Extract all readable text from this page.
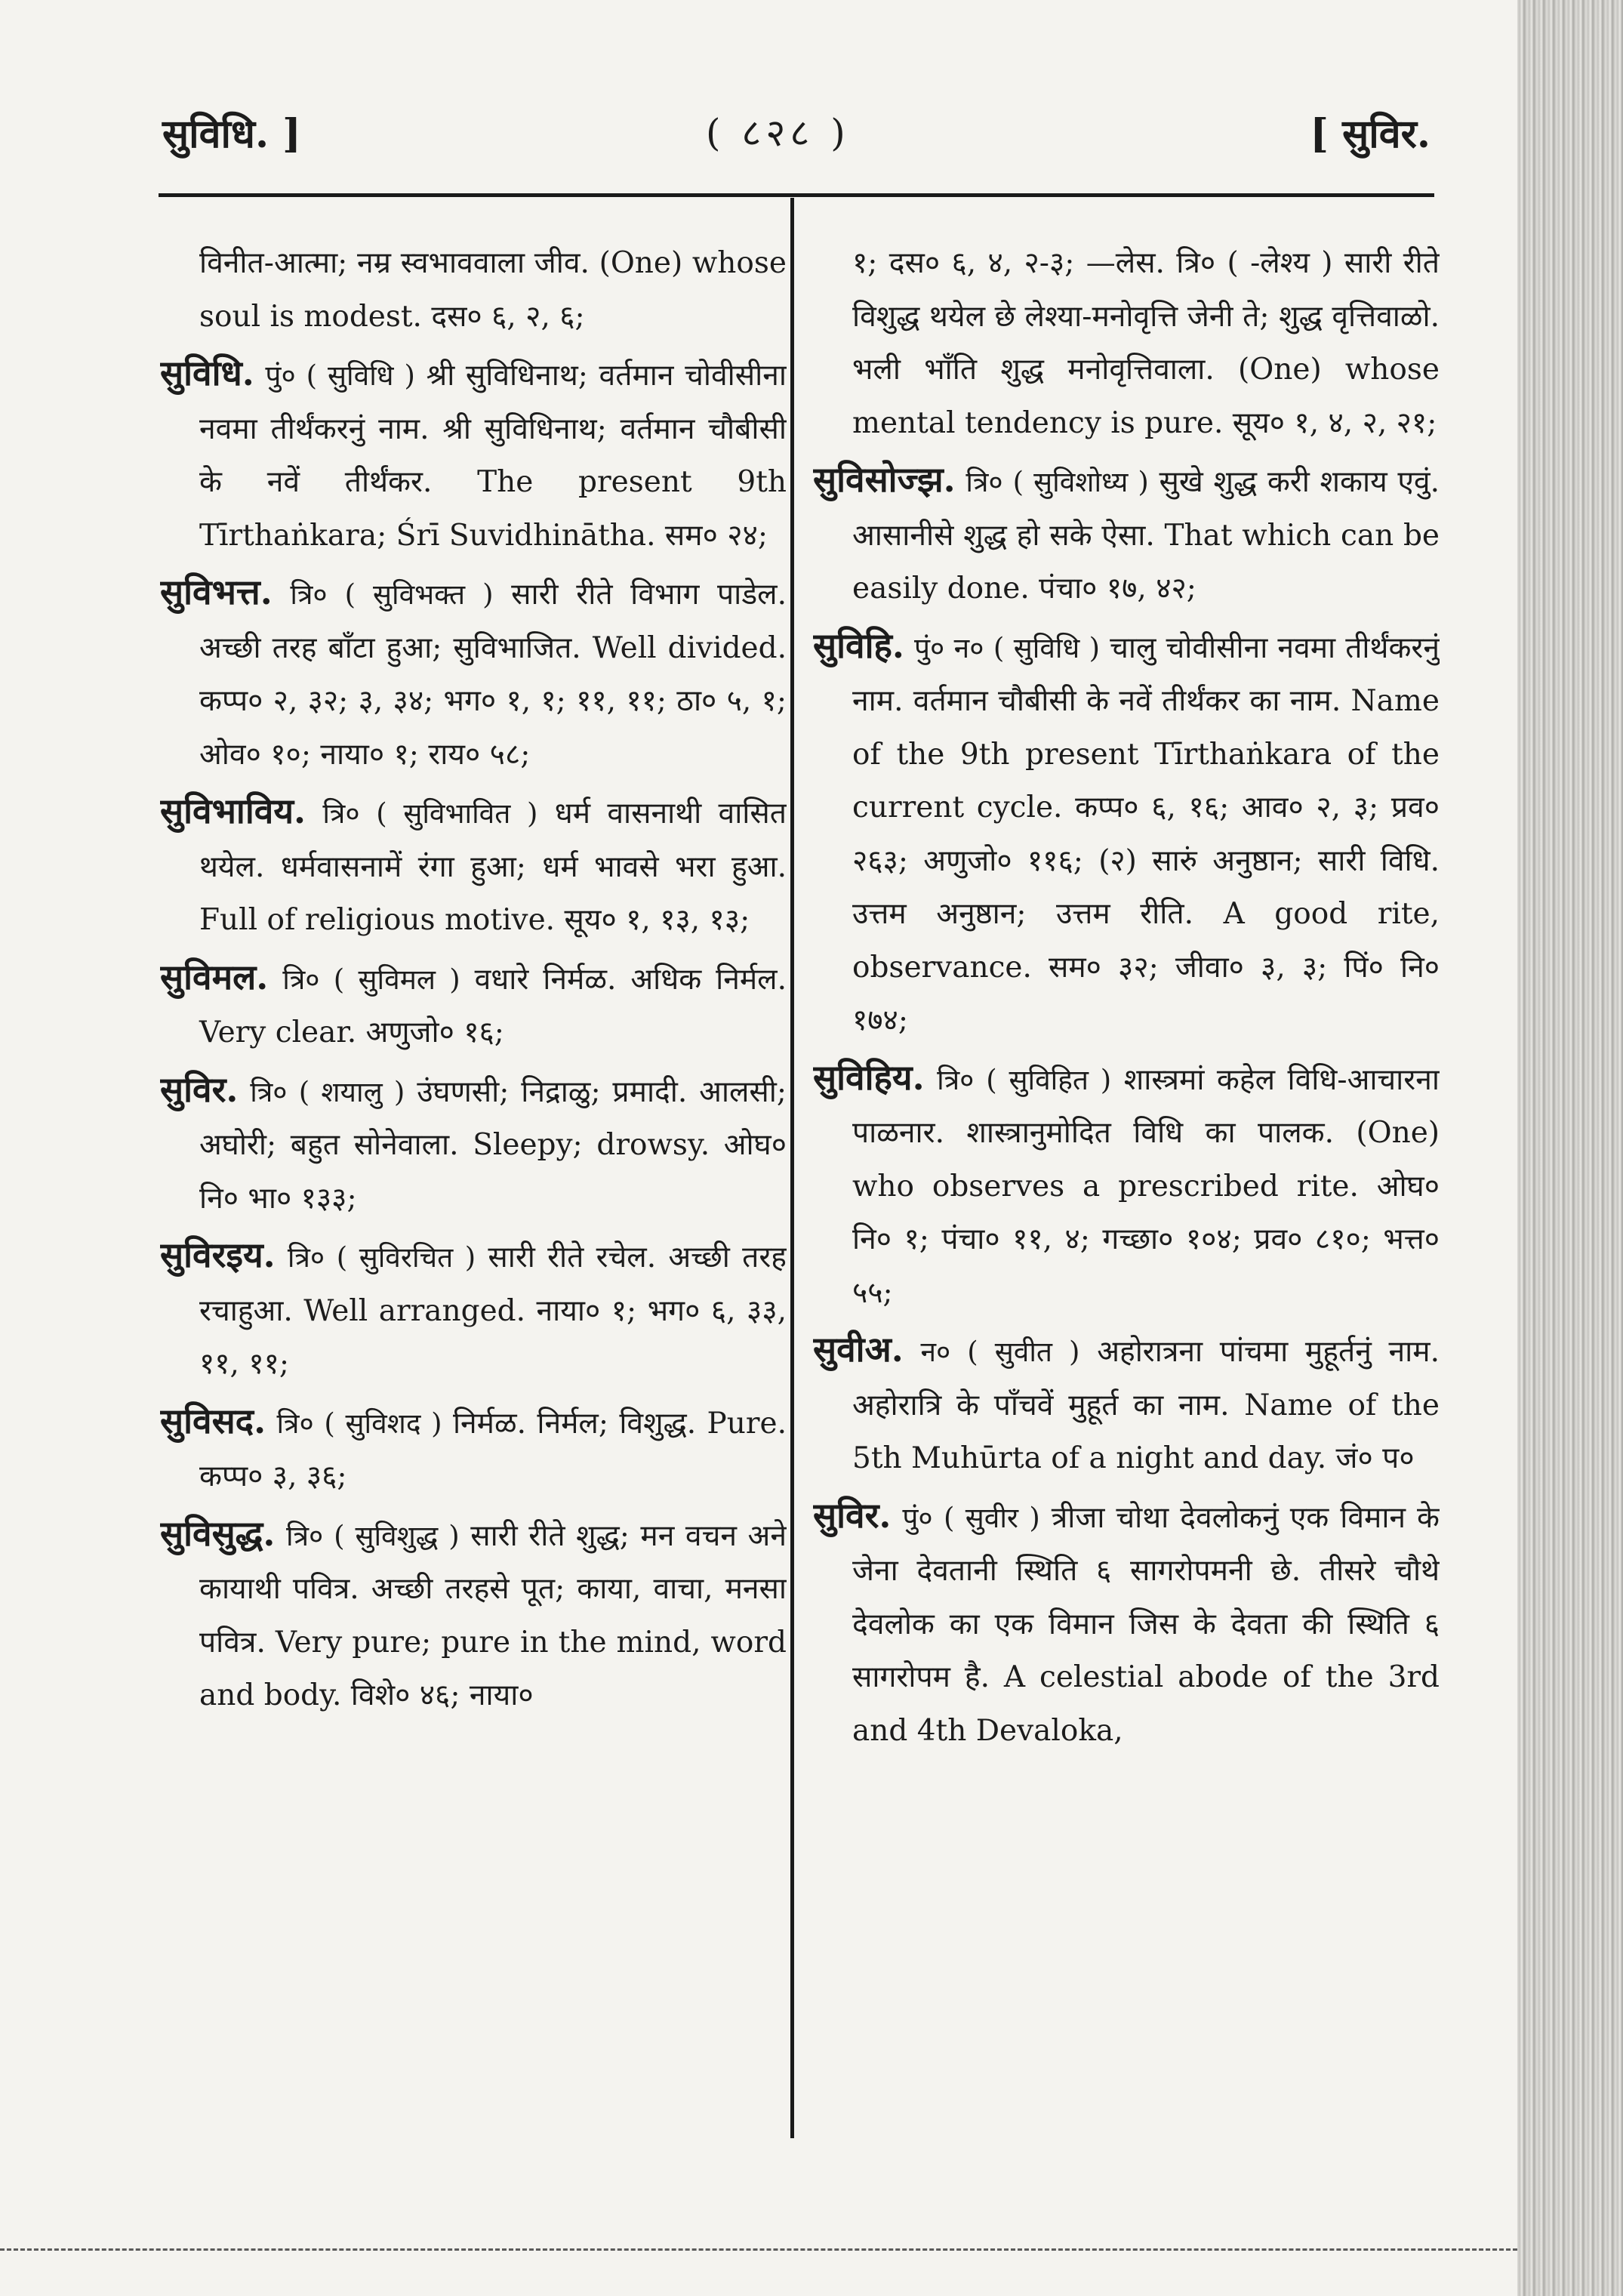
सुविधि. ]	( ८२८ )	[ सुविर.

विनीत-आत्मा; नम्र स्वभाववाला जीव. (One) whose soul is modest. दस० ६, २, ६;

सुविधि. पुं० ( सुविधि ) श्री सुविधिनाथ; वर्तमान चोवीसीना नवमा तीर्थंकरनुं नाम. श्री सुविधिनाथ; वर्तमान चौबीसी के नवें तीर्थंकर. The present 9th Tīrthaṅkara; Śrī Suvidhinātha. सम० २४;

सुविभत्त. त्रि० ( सुविभक्त ) सारी रीते विभाग पाडेल. अच्छी तरह बाँटा हुआ; सुविभाजित. Well divided. कप्प० २, ३२; ३, ३४; भग० १, १; ११, ११; ठा० ५, १; ओव० १०; नाया० १; राय० ५८;

सुविभाविय. त्रि० ( सुविभावित ) धर्म वासनाथी वासित थयेल. धर्मवासनामें रंगा हुआ; धर्म भावसे भरा हुआ. Full of religious motive. सूय० १, १३, १३;

सुविमल. त्रि० ( सुविमल ) वधारे निर्मळ. अधिक निर्मल. Very clear. अणुजो० १६;

सुविर. त्रि० ( शयालु ) उंघणसी; निद्राळु; प्रमादी. आलसी; अघोरी; बहुत सोनेवाला. Sleepy; drowsy. ओघ० नि० भा० १३३;

सुविरइय. त्रि० ( सुविरचित ) सारी रीते रचेल. अच्छी तरह रचाहुआ. Well arranged. नाया० १; भग० ६, ३३, ११, ११;

सुविसद. त्रि० ( सुविशद ) निर्मळ. निर्मल; विशुद्ध. Pure. कप्प० ३, ३६;

सुविसुद्ध. त्रि० ( सुविशुद्ध ) सारी रीते शुद्ध; मन वचन अने कायाथी पवित्र. अच्छी तरहसे पूत; काया, वाचा, मनसा पवित्र. Very pure; pure in the mind, word and body. विशे० ४६; नाया०

१; दस० ६, ४, २-३; —लेस. त्रि० ( -लेश्य ) सारी रीते विशुद्ध थयेल छे लेश्या-मनोवृत्ति जेनी ते; शुद्ध वृत्तिवाळो. भली भाँति शुद्ध मनोवृत्तिवाला. (One) whose mental tendency is pure. सूय० १, ४, २, २१;

सुविसोज्झ. त्रि० ( सुविशोध्य ) सुखे शुद्ध करी शकाय एवुं. आसानीसे शुद्ध हो सके ऐसा. That which can be easily done. पंचा० १७, ४२;

सुविहि. पुं० न० ( सुविधि ) चालु चोवीसीना नवमा तीर्थंकरनुं नाम. वर्तमान चौबीसी के नवें तीर्थंकर का नाम. Name of the 9th present Tīrthaṅkara of the current cycle. कप्प० ६, १६; आव० २, ३; प्रव० २६३; अणुजो० ११६; (२) सारुं अनुष्ठान; सारी विधि. उत्तम अनुष्ठान; उत्तम रीति. A good rite, observance. सम० ३२; जीवा० ३, ३; पिं० नि० १७४;

सुविहिय. त्रि० ( सुविहित ) शास्त्रमां कहेल विधि-आचारना पाळनार. शास्त्रानुमोदित विधि का पालक. (One) who observes a prescribed rite. ओघ० नि० १; पंचा० ११, ४; गच्छा० १०४; प्रव० ८१०; भत्त० ५५;

सुवीअ. न० ( सुवीत ) अहोरात्रना पांचमा मुहूर्तनुं नाम. अहोरात्रि के पाँचवें मुहूर्त का नाम. Name of the 5th Muhūrta of a night and day. जं० प०

सुविर. पुं० ( सुवीर ) त्रीजा चोथा देवलोकनुं एक विमान के जेना देवतानी स्थिति ६ सागरोपमनी छे. तीसरे चौथे देवलोक का एक विमान जिस के देवता की स्थिति ६ सागरोपम है. A celestial abode of the 3rd and 4th Devaloka,
